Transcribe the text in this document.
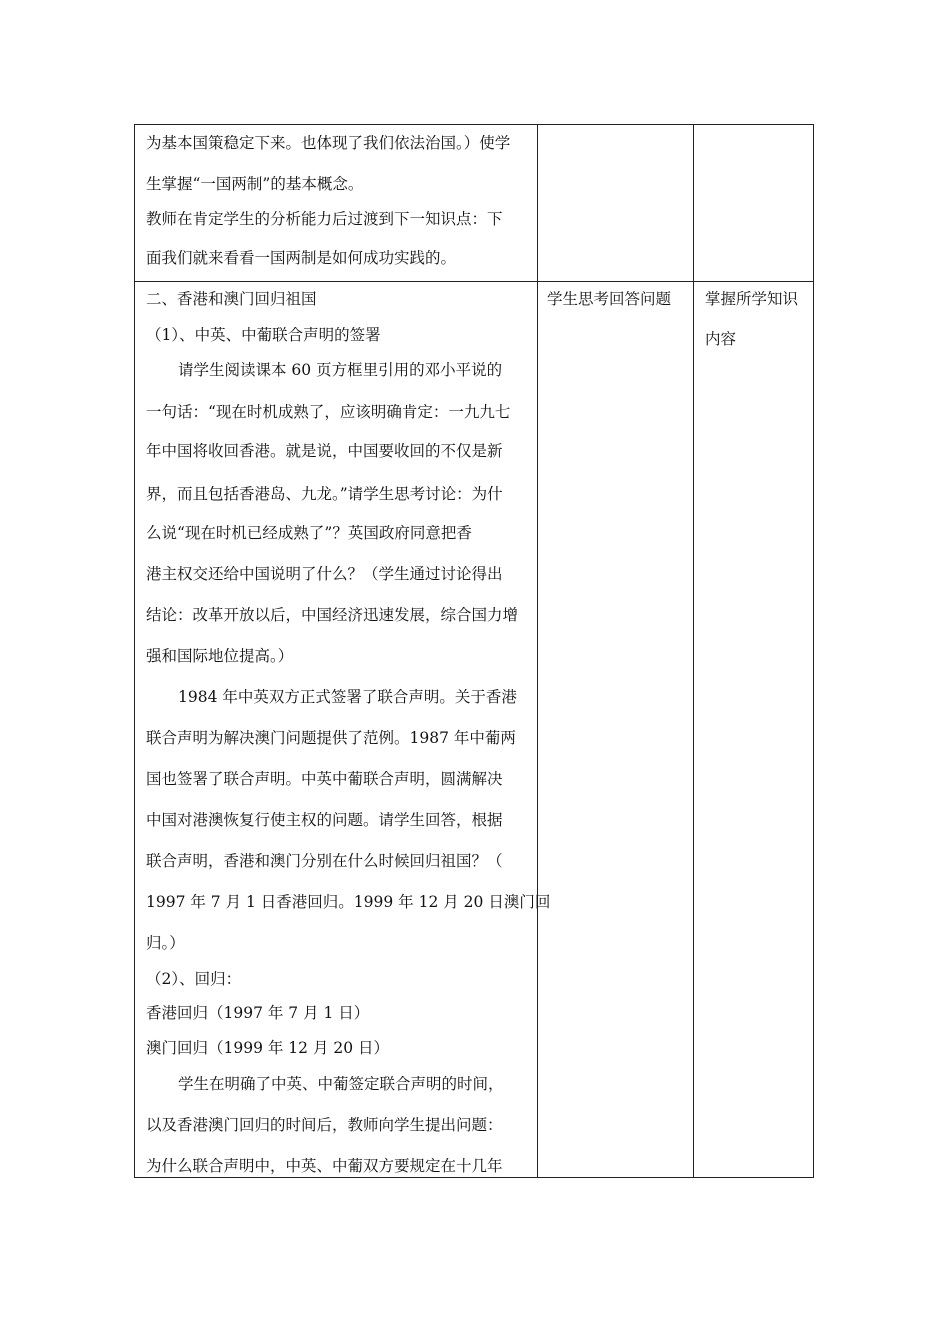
为基本国策稳定下来。也体现了我们依法治国。）使学
生掌握“一国两制”的基本概念。
教师在肯定学生的分析能力后过渡到下一知识点：下
面我们就来看看一国两制是如何成功实践的。
二、香港和澳门回归祖国
（1）、中英、中葡联合声明的签署
请学生阅读课本 60 页方框里引用的邓小平说的
一句话：“现在时机成熟了，应该明确肯定：一九九七
年中国将收回香港。就是说，中国要收回的不仅是新
界，而且包括香港岛、九龙。”请学生思考讨论：为什
么说“现在时机已经成熟了”？英国政府同意把香
港主权交还给中国说明了什么？（学生通过讨论得出
结论：改革开放以后，中国经济迅速发展，综合国力增
强和国际地位提高。）
1984 年中英双方正式签署了联合声明。关于香港
联合声明为解决澳门问题提供了范例。1987 年中葡两
国也签署了联合声明。中英中葡联合声明，圆满解决
中国对港澳恢复行使主权的问题。请学生回答，根据
联合声明，香港和澳门分别在什么时候回归祖国？（
1997 年 7 月 1 日香港回归。1999 年 12 月 20 日澳门回
归。）
（2）、回归：
香港回归（1997 年 7 月 1 日）
澳门回归（1999 年 12 月 20 日）
学生在明确了中英、中葡签定联合声明的时间，
以及香港澳门回归的时间后，教师向学生提出问题：
为什么联合声明中，中英、中葡双方要规定在十几年
学生思考回答问题 掌握所学知识
内容
